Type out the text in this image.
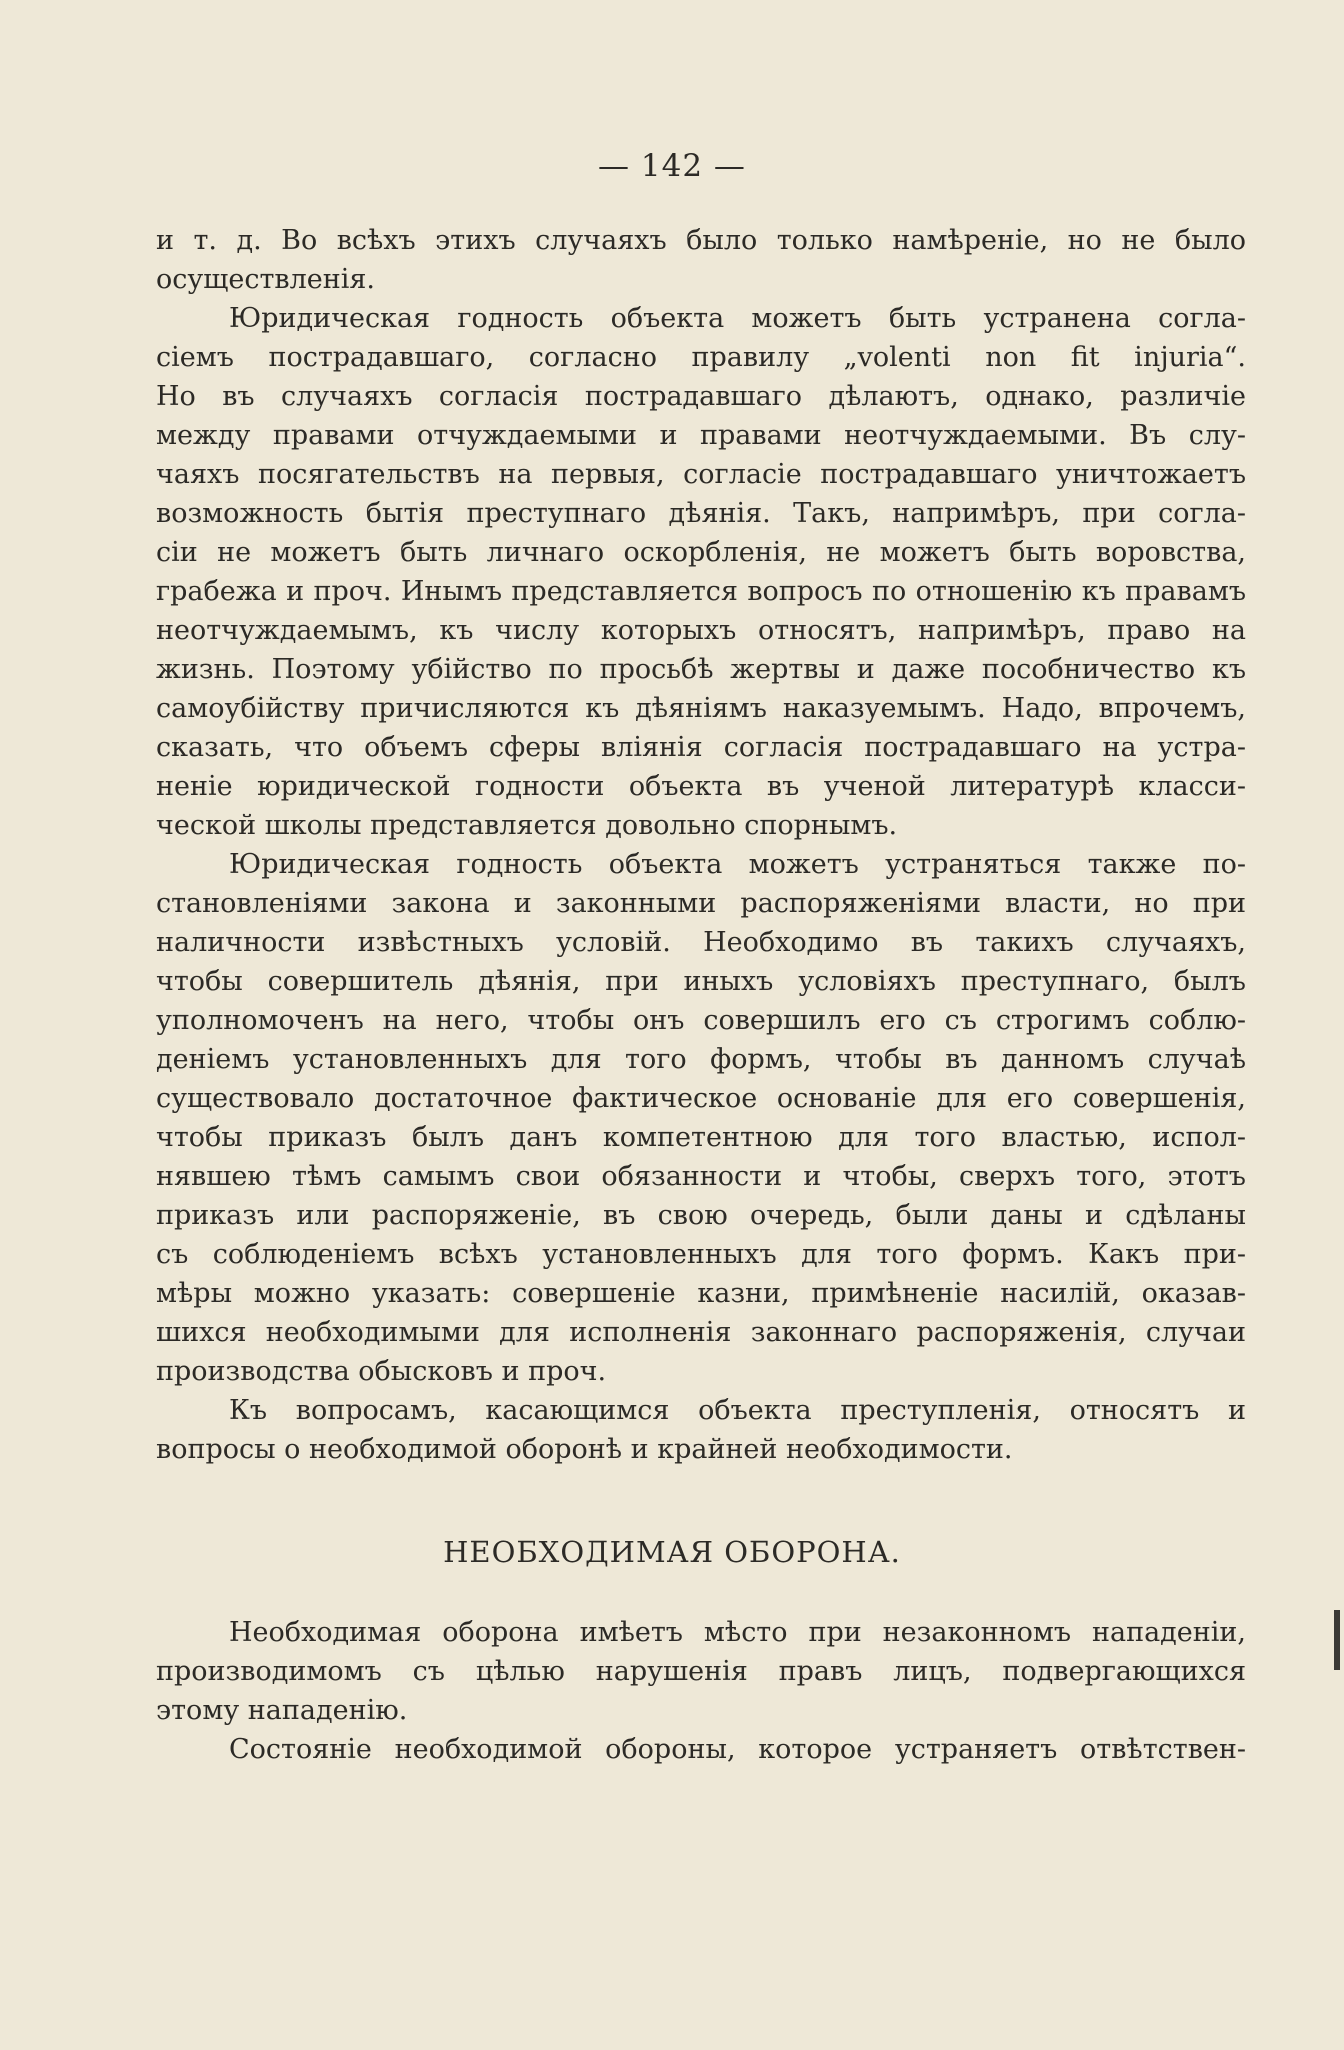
— 142 —
и т. д. Во всѣхъ этихъ случаяхъ было только намѣреніе, но не было
осуществленія.
Юридическая годность объекта можетъ быть устранена согла-
сіемъ пострадавшаго, согласно правилу „volenti non fit injuria“.
Но въ случаяхъ согласія пострадавшаго дѣлаютъ, однако, различіе
между правами отчуждаемыми и правами неотчуждаемыми. Въ слу-
чаяхъ посягательствъ на первыя, согласіе пострадавшаго уничтожаетъ
возможность бытія преступнаго дѣянія. Такъ, напримѣръ, при согла-
сіи не можетъ быть личнаго оскорбленія, не можетъ быть воровства,
грабежа и проч. Инымъ представляется вопросъ по отношенію къ правамъ
неотчуждаемымъ, къ числу которыхъ относятъ, напримѣръ, право на
жизнь. Поэтому убійство по просьбѣ жертвы и даже пособничество къ
самоубійству причисляются къ дѣяніямъ наказуемымъ. Надо, впрочемъ,
сказать, что объемъ сферы вліянія согласія пострадавшаго на устра-
неніе юридической годности объекта въ ученой литературѣ класси-
ческой школы представляется довольно спорнымъ.
Юридическая годность объекта можетъ устраняться также по-
становленіями закона и законными распоряженіями власти, но при
наличности извѣстныхъ условій. Необходимо въ такихъ случаяхъ,
чтобы совершитель дѣянія, при иныхъ условіяхъ преступнаго, былъ
уполномоченъ на него, чтобы онъ совершилъ его съ строгимъ соблю-
деніемъ установленныхъ для того формъ, чтобы въ данномъ случаѣ
существовало достаточное фактическое основаніе для его совершенія,
чтобы приказъ былъ данъ компетентною для того властью, испол-
нявшею тѣмъ самымъ свои обязанности и чтобы, сверхъ того, этотъ
приказъ или распоряженіе, въ свою очередь, были даны и сдѣланы
съ соблюденіемъ всѣхъ установленныхъ для того формъ. Какъ при-
мѣры можно указать: совершеніе казни, примѣненіе насилій, оказав-
шихся необходимыми для исполненія законнаго распоряженія, случаи
производства обысковъ и проч.
Къ вопросамъ, касающимся объекта преступленія, относятъ и
вопросы о необходимой оборонѣ и крайней необходимости.
НЕОБХОДИМАЯ ОБОРОНА.
Необходимая оборона имѣетъ мѣсто при незаконномъ нападеніи,
производимомъ съ цѣлью нарушенія правъ лицъ, подвергающихся
этому нападенію.
Состояніе необходимой обороны, которое устраняетъ отвѣтствен-
